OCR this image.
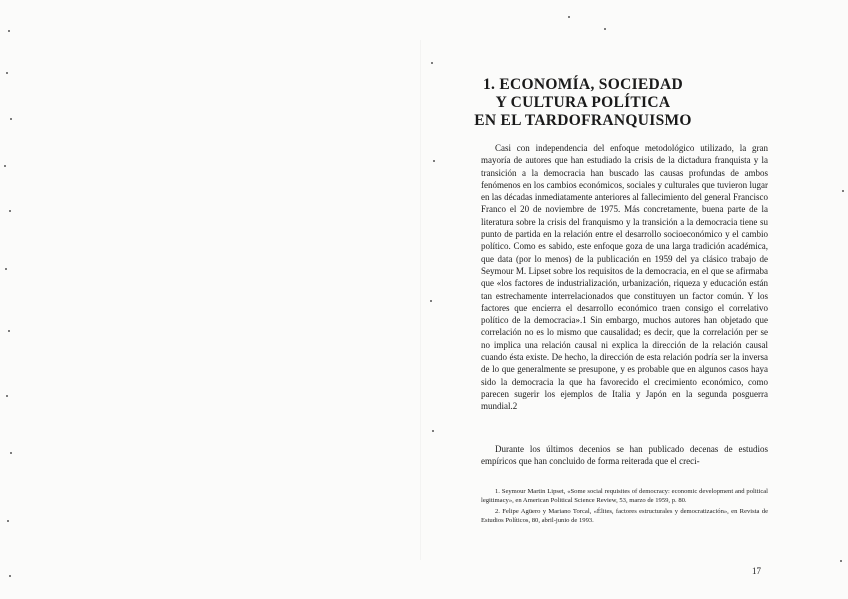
1. ECONOMÍA, SOCIEDAD
Y CULTURA POLÍTICA
EN EL TARDOFRANQUISMO

Casi con independencia del enfoque metodológico utilizado, la gran mayoría de autores que han estudiado la crisis de la dictadura franquista y la transición a la democracia han buscado las causas profundas de ambos fenómenos en los cambios económicos, sociales y culturales que tuvieron lugar en las décadas inmediatamente anteriores al fallecimiento del general Francisco Franco el 20 de noviembre de 1975. Más concretamente, buena parte de la literatura sobre la crisis del franquismo y la transición a la democracia tiene su punto de partida en la relación entre el desarrollo socioeconómico y el cambio político. Como es sabido, este enfoque goza de una larga tradición académica, que data (por lo menos) de la publicación en 1959 del ya clásico trabajo de Seymour M. Lipset sobre los requisitos de la democracia, en el que se afirmaba que «los factores de industrialización, urbanización, riqueza y educación están tan estrechamente interrelacionados que constituyen un factor común. Y los factores que encierra el desarrollo económico traen consigo el correlativo político de la democracia».1 Sin embargo, muchos autores han objetado que correlación no es lo mismo que causalidad; es decir, que la correlación per se no implica una relación causal ni explica la dirección de la relación causal cuando ésta existe. De hecho, la dirección de esta relación podría ser la inversa de lo que generalmente se presupone, y es probable que en algunos casos haya sido la democracia la que ha favorecido el crecimiento económico, como parecen sugerir los ejemplos de Italia y Japón en la segunda posguerra mundial.2

Durante los últimos decenios se han publicado decenas de estudios empíricos que han concluido de forma reiterada que el creci-

1. Seymour Martin Lipset, «Some social requisites of democracy: economic development and political legitimacy», en American Political Science Review, 53, marzo de 1959, p. 80.

2. Felipe Agüero y Mariano Torcal, «Élites, factores estructurales y democratización», en Revista de Estudios Políticos, 80, abril-junio de 1993.

17
